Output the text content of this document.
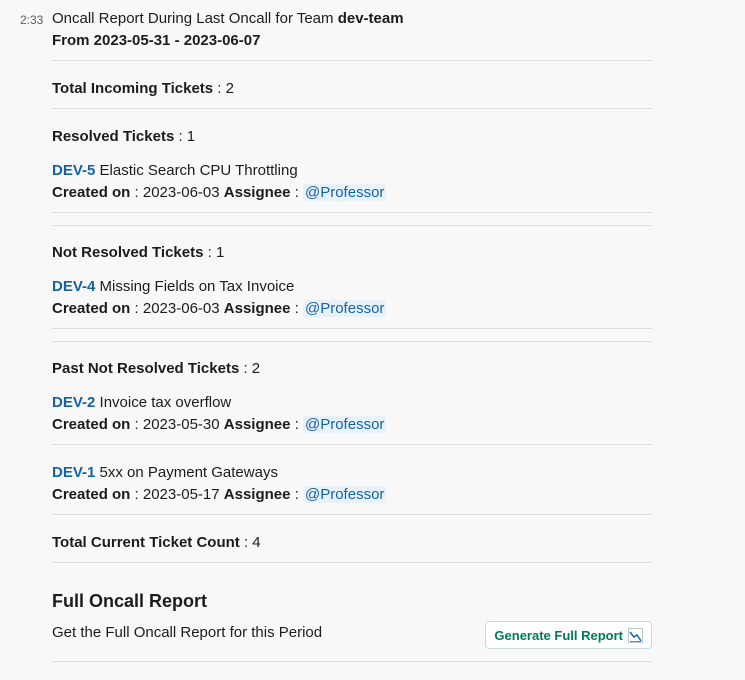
2:33 Oncall Report During Last Oncall for Team dev-team
From 2023-05-31 - 2023-06-07
Total Incoming Tickets : 2
Resolved Tickets : 1
DEV-5 Elastic Search CPU Throttling
Created on : 2023-06-03 Assignee : @Professor
Not Resolved Tickets : 1
DEV-4 Missing Fields on Tax Invoice
Created on : 2023-06-03 Assignee : @Professor
Past Not Resolved Tickets : 2
DEV-2 Invoice tax overflow
Created on : 2023-05-30 Assignee : @Professor
DEV-1 5xx on Payment Gateways
Created on : 2023-05-17 Assignee : @Professor
Total Current Ticket Count : 4
Full Oncall Report
Get the Full Oncall Report for this Period	Generate Full Report
